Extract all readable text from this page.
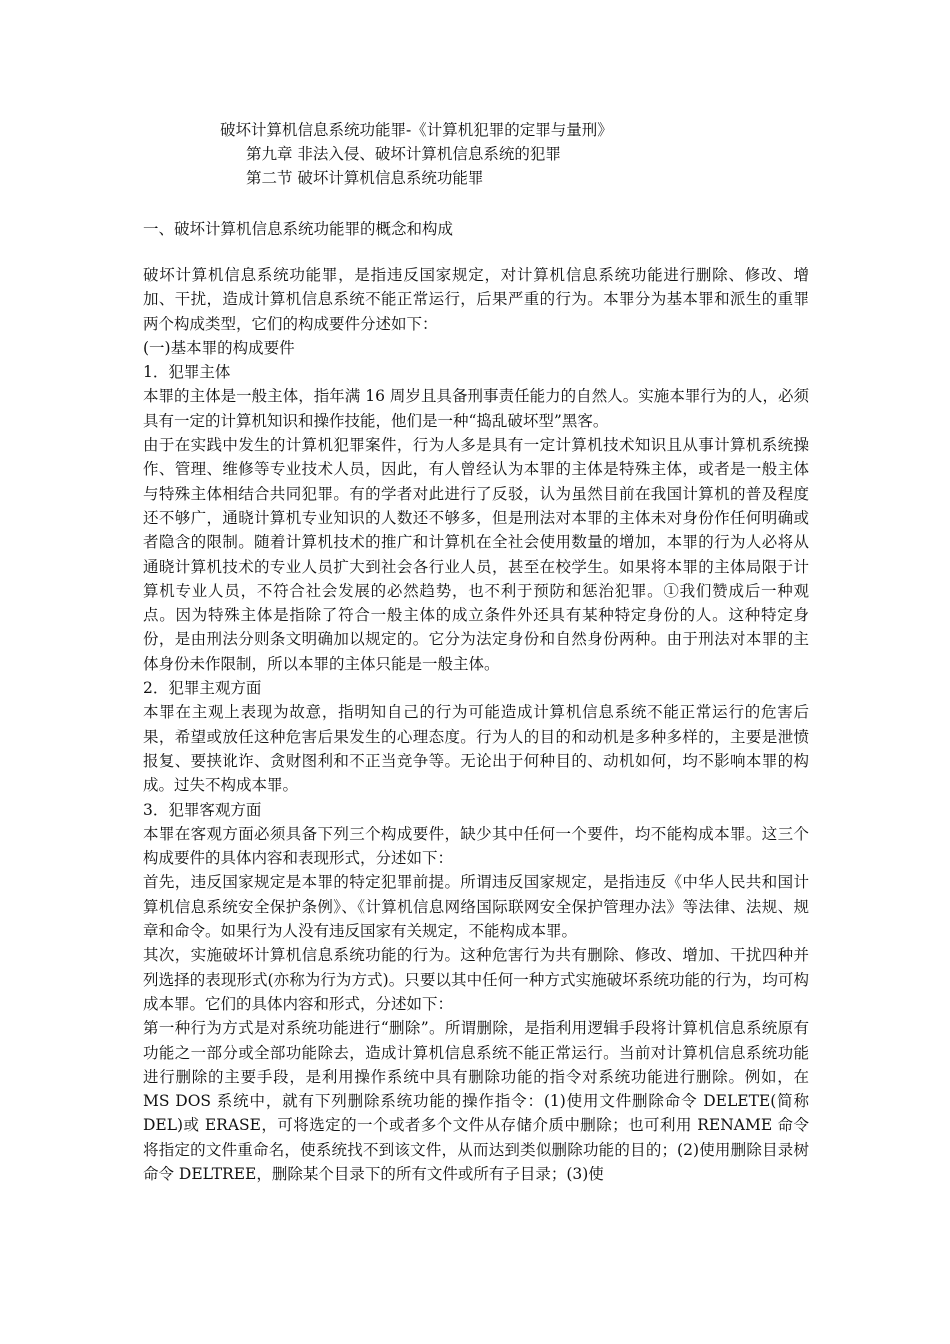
破坏计算机信息系统功能罪-《计算机犯罪的定罪与量刑》
第九章 非法入侵、破坏计算机信息系统的犯罪
第二节 破坏计算机信息系统功能罪
一、破坏计算机信息系统功能罪的概念和构成

破坏计算机信息系统功能罪，是指违反国家规定，对计算机信息系统功能进行删除、修改、增加、干扰，造成计算机信息系统不能正常运行，后果严重的行为。本罪分为基本罪和派生的重罪两个构成类型，它们的构成要件分述如下：

(一)基本罪的构成要件

1．犯罪主体

本罪的主体是一般主体，指年满 16 周岁且具备刑事责任能力的自然人。实施本罪行为的人，必须具有一定的计算机知识和操作技能，他们是一种“捣乱破坏型”黑客。

由于在实践中发生的计算机犯罪案件，行为人多是具有一定计算机技术知识且从事计算机系统操作、管理、维修等专业技术人员，因此，有人曾经认为本罪的主体是特殊主体，或者是一般主体与特殊主体相结合共同犯罪。有的学者对此进行了反驳，认为虽然目前在我国计算机的普及程度还不够广，通晓计算机专业知识的人数还不够多，但是刑法对本罪的主体未对身份作任何明确或者隐含的限制。随着计算机技术的推广和计算机在全社会使用数量的增加，本罪的行为人必将从通晓计算机技术的专业人员扩大到社会各行业人员，甚至在校学生。如果将本罪的主体局限于计算机专业人员，不符合社会发展的必然趋势，也不利于预防和惩治犯罪。①我们赞成后一种观点。因为特殊主体是指除了符合一般主体的成立条件外还具有某种特定身份的人。这种特定身份，是由刑法分则条文明确加以规定的。它分为法定身份和自然身份两种。由于刑法对本罪的主体身份未作限制，所以本罪的主体只能是一般主体。

2．犯罪主观方面

本罪在主观上表现为故意，指明知自己的行为可能造成计算机信息系统不能正常运行的危害后果，希望或放任这种危害后果发生的心理态度。行为人的目的和动机是多种多样的，主要是泄愤报复、要挟讹诈、贪财图利和不正当竞争等。无论出于何种目的、动机如何，均不影响本罪的构成。过失不构成本罪。

3．犯罪客观方面

本罪在客观方面必须具备下列三个构成要件，缺少其中任何一个要件，均不能构成本罪。这三个构成要件的具体内容和表现形式，分述如下：

首先，违反国家规定是本罪的特定犯罪前提。所谓违反国家规定，是指违反《中华人民共和国计算机信息系统安全保护条例》、《计算机信息网络国际联网安全保护管理办法》等法律、法规、规章和命令。如果行为人没有违反国家有关规定，不能构成本罪。

其次，实施破坏计算机信息系统功能的行为。这种危害行为共有删除、修改、增加、干扰四种并列选择的表现形式(亦称为行为方式)。只要以其中任何一种方式实施破坏系统功能的行为，均可构成本罪。它们的具体内容和形式，分述如下：

第一种行为方式是对系统功能进行“删除”。所谓删除，是指利用逻辑手段将计算机信息系统原有功能之一部分或全部功能除去，造成计算机信息系统不能正常运行。当前对计算机信息系统功能进行删除的主要手段，是利用操作系统中具有删除功能的指令对系统功能进行删除。例如，在 MS DOS 系统中，就有下列删除系统功能的操作指令：(1)使用文件删除命令 DELETE(简称 DEL)或 ERASE，可将选定的一个或者多个文件从存储介质中删除；也可利用 RENAME 命令将指定的文件重命名，使系统找不到该文件，从而达到类似删除功能的目的；(2)使用删除目录树命令 DELTREE，删除某个目录下的所有文件或所有子目录；(3)使
